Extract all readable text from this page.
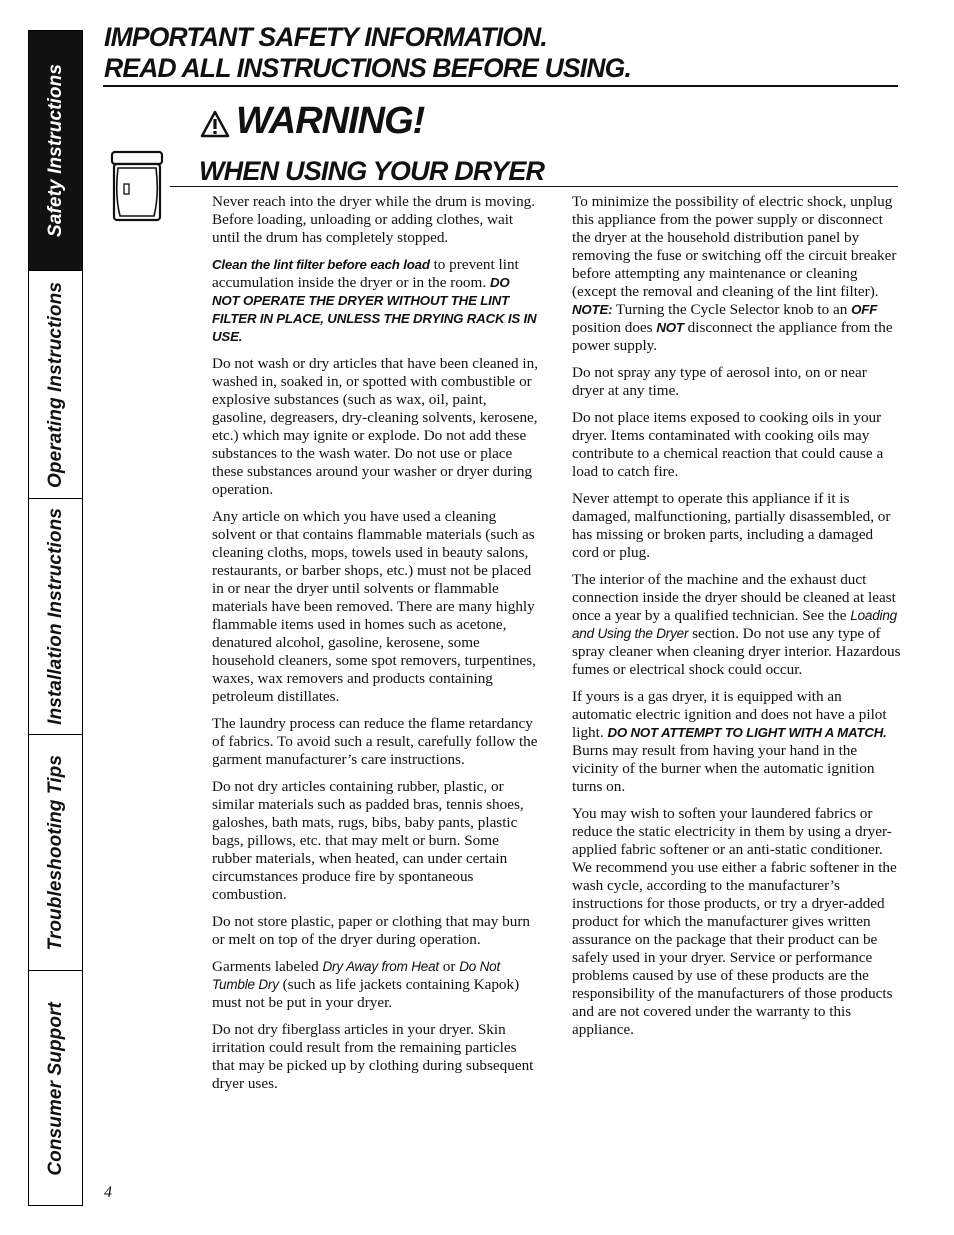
Safety Instructions
Operating Instructions
Installation Instructions
Troubleshooting Tips
Consumer Support
IMPORTANT SAFETY INFORMATION.
READ ALL INSTRUCTIONS BEFORE USING.
WARNING!
WHEN USING YOUR DRYER

Never reach into the dryer while the drum is moving. Before loading, unloading or adding clothes, wait until the drum has completely stopped.

Clean the lint filter before each load to prevent lint accumulation inside the dryer or in the room. DO NOT OPERATE THE DRYER WITHOUT THE LINT FILTER IN PLACE, UNLESS THE DRYING RACK IS IN USE.

Do not wash or dry articles that have been cleaned in, washed in, soaked in, or spotted with combustible or explosive substances (such as wax, oil, paint, gasoline, degreasers, dry-cleaning solvents, kerosene, etc.) which may ignite or explode. Do not add these substances to the wash water. Do not use or place these substances around your washer or dryer during operation.

Any article on which you have used a cleaning solvent or that contains flammable materials (such as cleaning cloths, mops, towels used in beauty salons, restaurants, or barber shops, etc.) must not be placed in or near the dryer until solvents or flammable materials have been removed. There are many highly flammable items used in homes such as acetone, denatured alcohol, gasoline, kerosene, some household cleaners, some spot removers, turpentines, waxes, wax removers and products containing petroleum distillates.

The laundry process can reduce the flame retardancy of fabrics. To avoid such a result, carefully follow the garment manufacturer’s care instructions.

Do not dry articles containing rubber, plastic, or similar materials such as padded bras, tennis shoes, galoshes, bath mats, rugs, bibs, baby pants, plastic bags, pillows, etc. that may melt or burn. Some rubber materials, when heated, can under certain circumstances produce fire by spontaneous combustion.

Do not store plastic, paper or clothing that may burn or melt on top of the dryer during operation.

Garments labeled Dry Away from Heat or Do Not Tumble Dry (such as life jackets containing Kapok) must not be put in your dryer.

Do not dry fiberglass articles in your dryer. Skin irritation could result from the remaining particles that may be picked up by clothing during subsequent dryer uses.

To minimize the possibility of electric shock, unplug this appliance from the power supply or disconnect the dryer at the household distribution panel by removing the fuse or switching off the circuit breaker before attempting any maintenance or cleaning (except the removal and cleaning of the lint filter). NOTE: Turning the Cycle Selector knob to an OFF position does NOT disconnect the appliance from the power supply.

Do not spray any type of aerosol into, on or near dryer at any time.

Do not place items exposed to cooking oils in your dryer. Items contaminated with cooking oils may contribute to a chemical reaction that could cause a load to catch fire.

Never attempt to operate this appliance if it is damaged, malfunctioning, partially disassembled, or has missing or broken parts, including a damaged cord or plug.

The interior of the machine and the exhaust duct connection inside the dryer should be cleaned at least once a year by a qualified technician. See the Loading and Using the Dryer section. Do not use any type of spray cleaner when cleaning dryer interior. Hazardous fumes or electrical shock could occur.

If yours is a gas dryer, it is equipped with an automatic electric ignition and does not have a pilot light. DO NOT ATTEMPT TO LIGHT WITH A MATCH. Burns may result from having your hand in the vicinity of the burner when the automatic ignition turns on.

You may wish to soften your laundered fabrics or reduce the static electricity in them by using a dryer-applied fabric softener or an anti-static conditioner. We recommend you use either a fabric softener in the wash cycle, according to the manufacturer’s instructions for those products, or try a dryer-added product for which the manufacturer gives written assurance on the package that their product can be safely used in your dryer. Service or performance problems caused by use of these products are the responsibility of the manufacturers of those products and are not covered under the warranty to this appliance.

4
